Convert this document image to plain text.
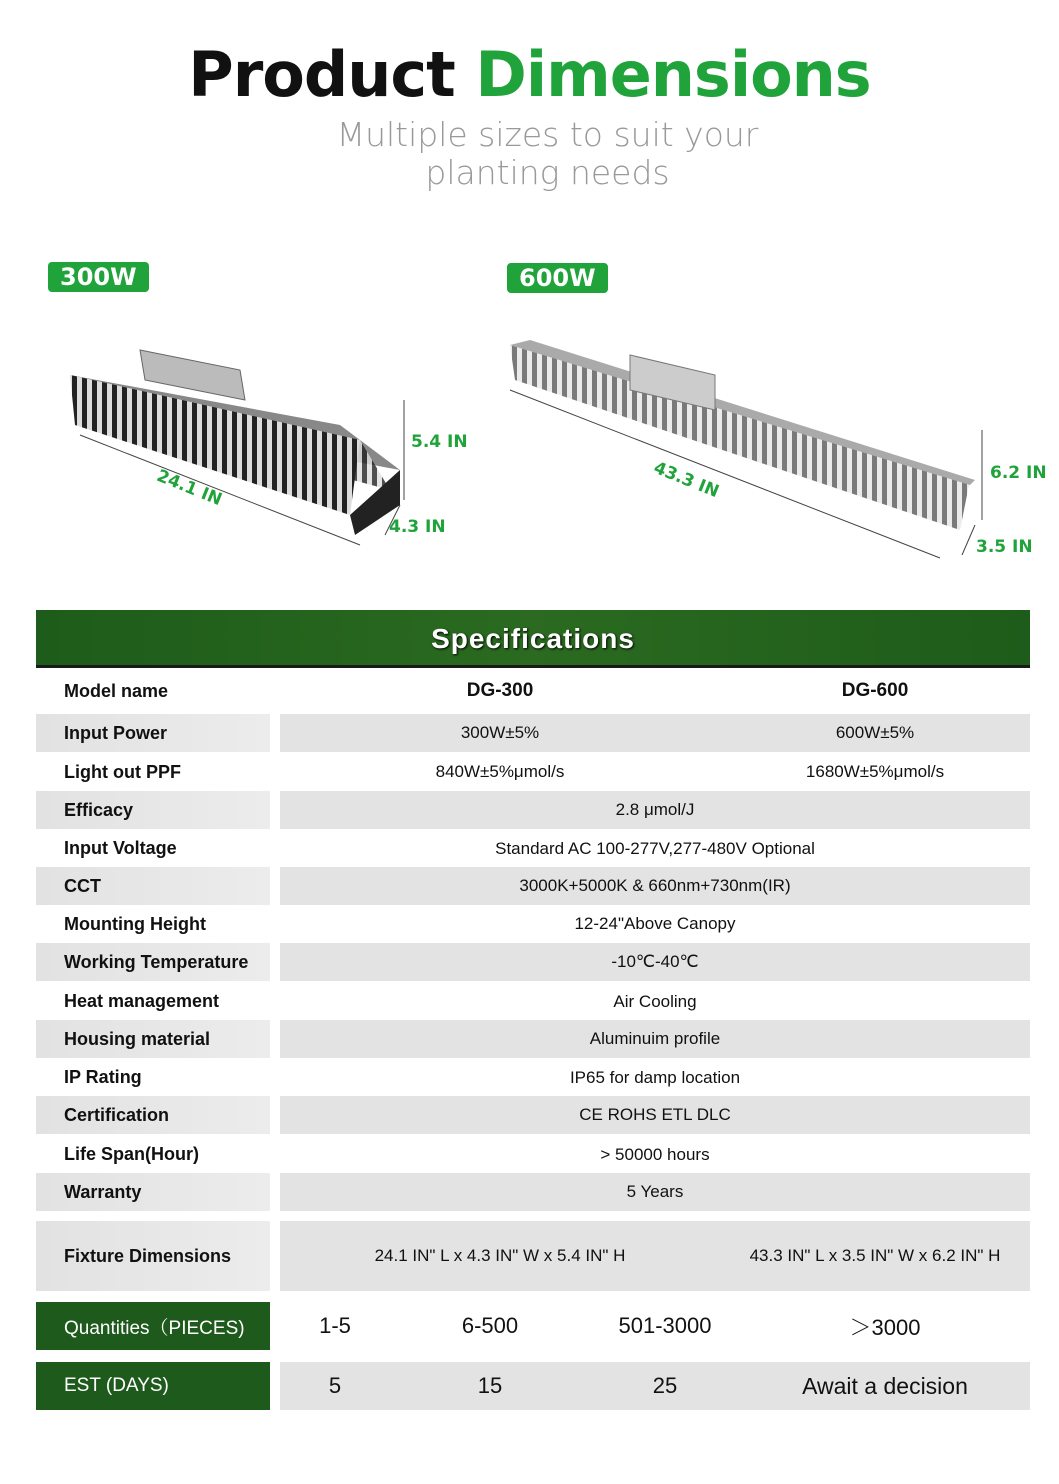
Product Dimensions
Multiple sizes to suit your
planting needs
300W	600W
24.1 IN
5.4 IN
4.3 IN
43.3 IN	6.2 IN
3.5 IN
Specifications
Model name	DG-300	DG-600
Input Power	300W±5%	600W±5%
Light out PPF	840W±5%μmol/s	1680W±5%μmol/s
Efficacy	2.8 μmol/J
Input Voltage	Standard AC 100-277V,277-480V Optional
CCT	3000K+5000K & 660nm+730nm(IR)
Mounting Height	12-24"Above Canopy
Working Temperature	-10℃-40℃
Heat management	Air Cooling
Housing material	Aluminuim profile
IP Rating	IP65 for damp location
Certification	CE ROHS ETL DLC
Life Span(Hour)	> 50000 hours
Warranty	5 Years
Fixture Dimensions	24.1 IN" L x 4.3 IN" W x 5.4 IN" H	43.3 IN" L x 3.5 IN" W x 6.2 IN" H
Quantities（PIECES)	1-5	6-500	501-3000	＞3000
EST (DAYS)	5	15	25	Await a decision
